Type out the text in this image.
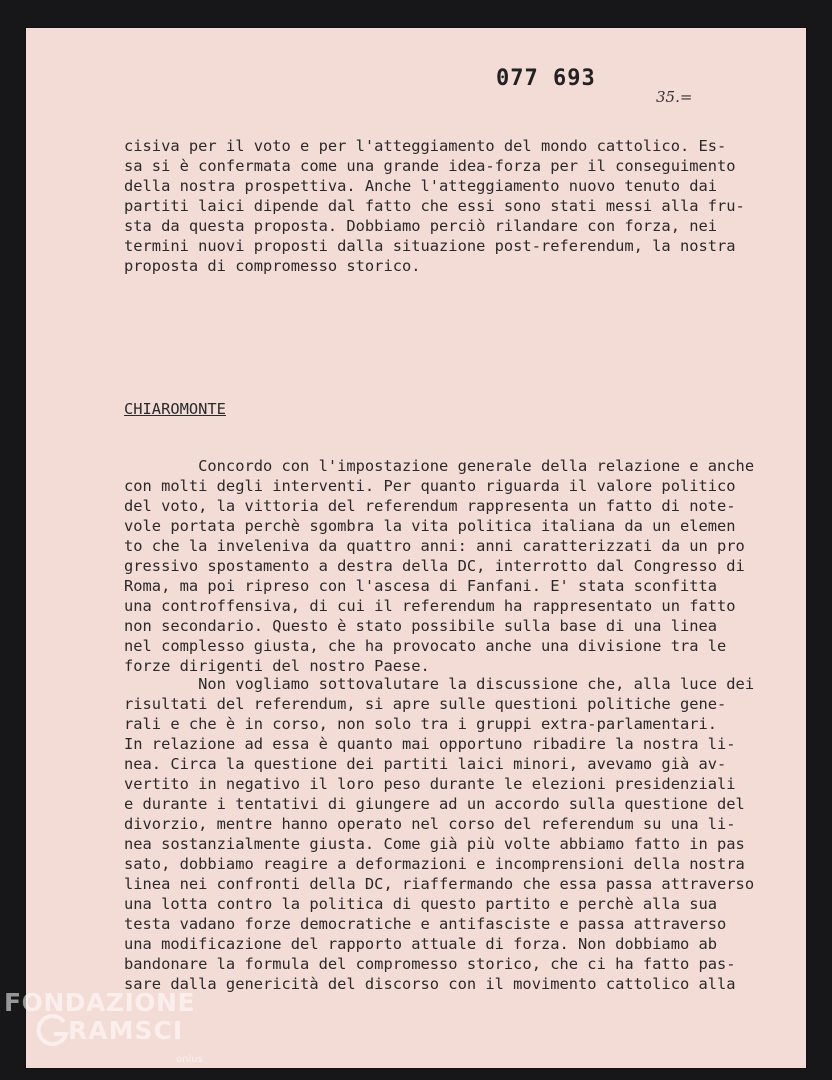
077 693
35.=
cisiva per il voto e per l'atteggiamento del mondo cattolico. Es-
sa si è confermata come una grande idea-forza per il conseguimento
della nostra prospettiva. Anche l'atteggiamento nuovo tenuto dai
partiti laici dipende dal fatto che essi sono stati messi alla fru-
sta da questa proposta. Dobbiamo perciò rilandare con forza, nei
termini nuovi proposti dalla situazione post-referendum, la nostra
proposta di compromesso storico.
CHIAROMONTE
Concordo con l'impostazione generale della relazione e anche
con molti degli interventi. Per quanto riguarda il valore politico
del voto, la vittoria del referendum rappresenta un fatto di note-
vole portata perchè sgombra la vita politica italiana da un elemen
to che la inveleniva da quattro anni: anni caratterizzati da un pro
gressivo spostamento a destra della DC, interrotto dal Congresso di
Roma, ma poi ripreso con l'ascesa di Fanfani. E' stata sconfitta
una controffensiva, di cui il referendum ha rappresentato un fatto
non secondario. Questo è stato possibile sulla base di una linea
nel complesso giusta, che ha provocato anche una divisione tra le
forze dirigenti del nostro Paese.
Non vogliamo sottovalutare la discussione che, alla luce dei
risultati del referendum, si apre sulle questioni politiche gene-
rali e che è in corso, non solo tra i gruppi extra-parlamentari.
In relazione ad essa è quanto mai opportuno ribadire la nostra li-
nea. Circa la questione dei partiti laici minori, avevamo già av-
vertito in negativo il loro peso durante le elezioni presidenziali
e durante i tentativi di giungere ad un accordo sulla questione del
divorzio, mentre hanno operato nel corso del referendum su una li-
nea sostanzialmente giusta. Come già più volte abbiamo fatto in pas
sato, dobbiamo reagire a deformazioni e incomprensioni della nostra
linea nei confronti della DC, riaffermando che essa passa attraverso
una lotta contro la politica di questo partito e perchè alla sua
testa vadano forze democratiche e antifasciste e passa attraverso
una modificazione del rapporto attuale di forza. Non dobbiamo ab
bandonare la formula del compromesso storico, che ci ha fatto pas-
sare dalla genericità del discorso con il movimento cattolico alla
FONDAZIONE
RAMSCI
onlus
